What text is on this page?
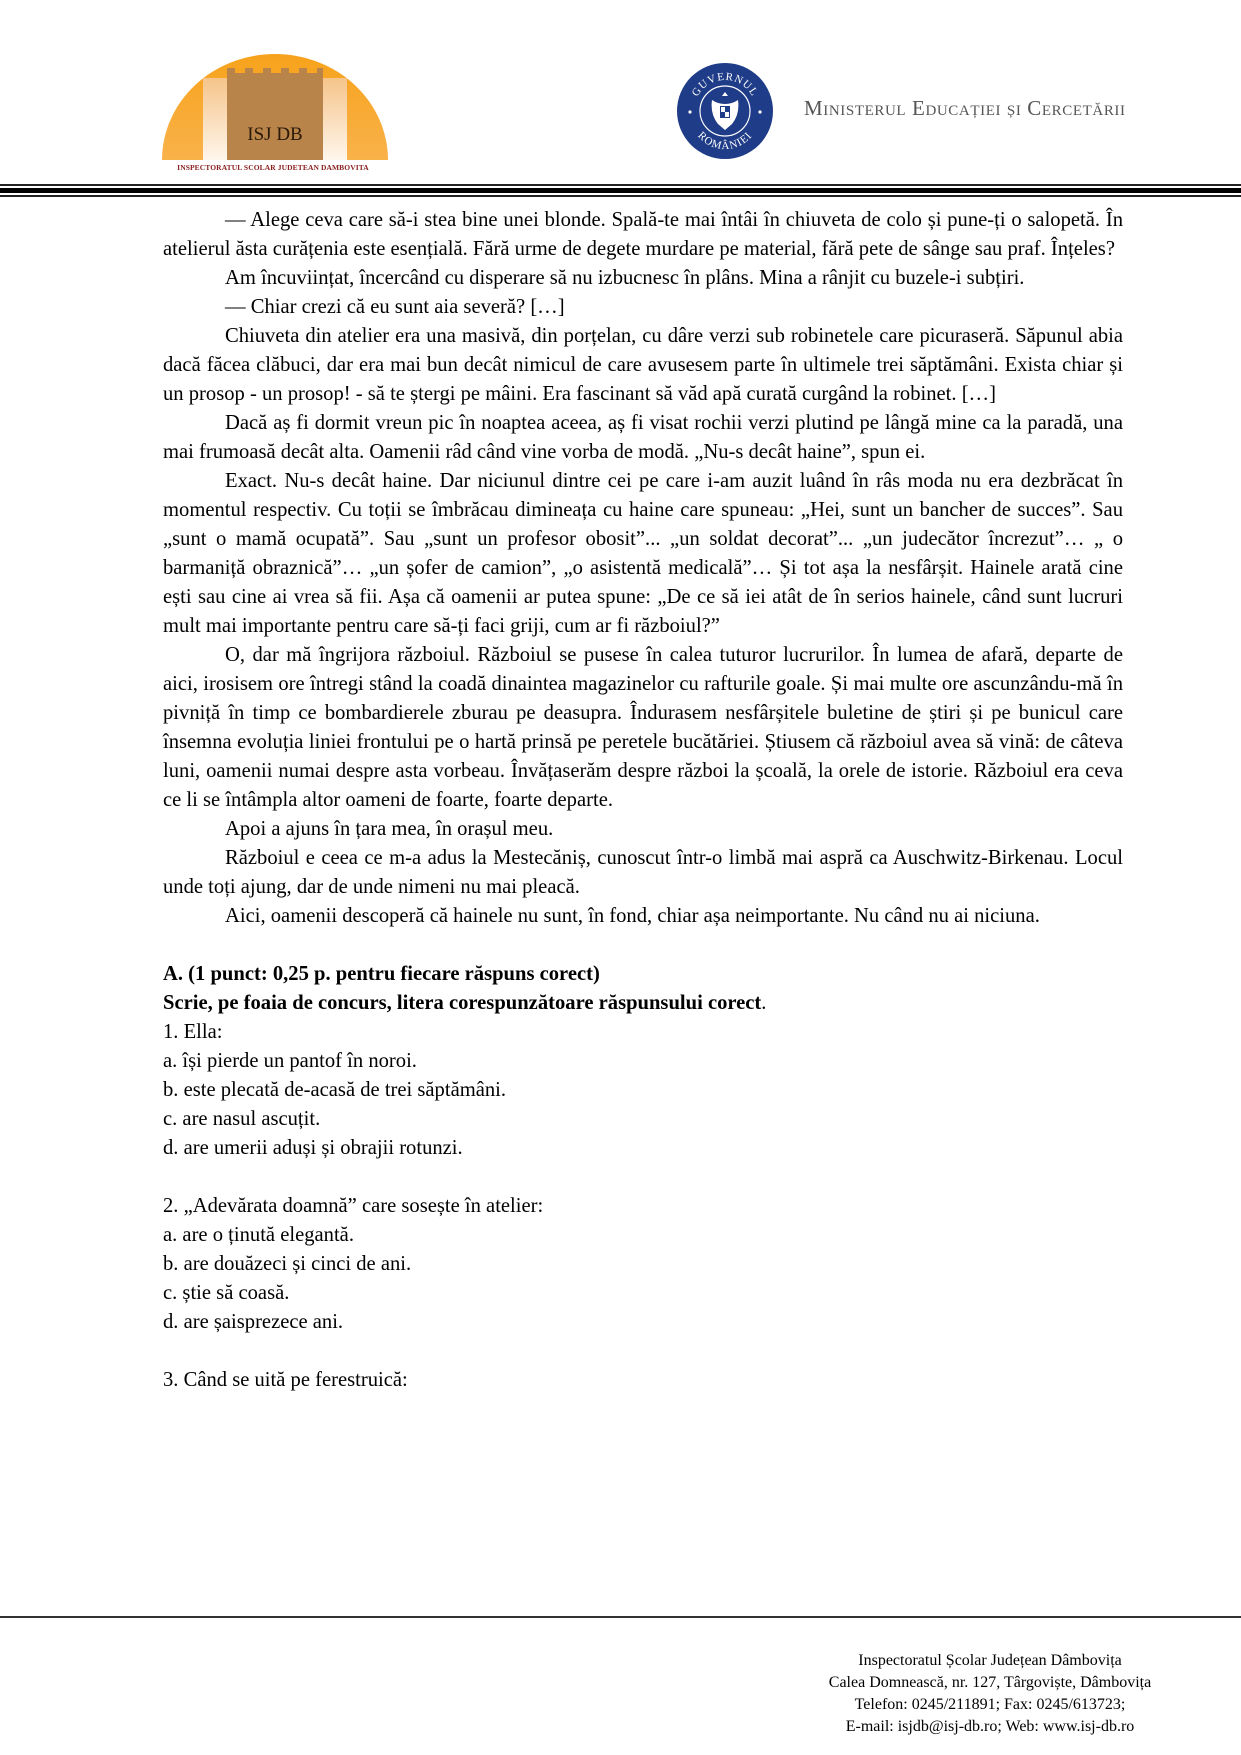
ISJ DB
INSPECTORATUL SCOLAR JUDETEAN DAMBOVITA
GUVERNUL
ROMÂNIEI
Ministerul Educației și Cercetării

— Alege ceva care să-i stea bine unei blonde. Spală-te mai întâi în chiuveta de colo și pune-ți o salopetă. În atelierul ăsta curățenia este esențială. Fără urme de degete murdare pe material, fără pete de sânge sau praf. Înțeles?

Am încuviințat, încercând cu disperare să nu izbucnesc în plâns. Mina a rânjit cu buzele-i subțiri.

— Chiar crezi că eu sunt aia severă? […]

Chiuveta din atelier era una masivă, din porțelan, cu dâre verzi sub robinetele care picuraseră. Săpunul abia dacă făcea clăbuci, dar era mai bun decât nimicul de care avusesem parte în ultimele trei săptămâni. Exista chiar și un prosop - un prosop! - să te ștergi pe mâini. Era fascinant să văd apă curată curgând la robinet. […]

Dacă aș fi dormit vreun pic în noaptea aceea, aș fi visat rochii verzi plutind pe lângă mine ca la paradă, una mai frumoasă decât alta. Oamenii râd când vine vorba de modă. „Nu-s decât haine”, spun ei.

Exact. Nu-s decât haine. Dar niciunul dintre cei pe care i-am auzit luând în râs moda nu era dezbrăcat în momentul respectiv. Cu toții se îmbrăcau dimineața cu haine care spuneau: „Hei, sunt un bancher de succes”. Sau „sunt o mamă ocupată”. Sau „sunt un profesor obosit”... „un soldat decorat”... „un judecător încrezut”… „ o barmaniță obraznică”… „un șofer de camion”, „o asistentă medicală”… Și tot așa la nesfârșit. Hainele arată cine ești sau cine ai vrea să fii. Așa că oamenii ar putea spune: „De ce să iei atât de în serios hainele, când sunt lucruri mult mai importante pentru care să-ți faci griji, cum ar fi războiul?”

O, dar mă îngrijora războiul. Războiul se pusese în calea tuturor lucrurilor. În lumea de afară, departe de aici, irosisem ore întregi stând la coadă dinaintea magazinelor cu rafturile goale. Și mai multe ore ascunzându-mă în pivniță în timp ce bombardierele zburau pe deasupra. Îndurasem nesfârșitele buletine de știri și pe bunicul care însemna evoluția liniei frontului pe o hartă prinsă pe peretele bucătăriei. Știusem că războiul avea să vină: de câteva luni, oamenii numai despre asta vorbeau. Învățaserăm despre război la școală, la orele de istorie. Războiul era ceva ce li se întâmpla altor oameni de foarte, foarte departe.

Apoi a ajuns în țara mea, în orașul meu.

Războiul e ceea ce m-a adus la Mestecăniș, cunoscut într-o limbă mai aspră ca Auschwitz-Birkenau. Locul unde toți ajung, dar de unde nimeni nu mai pleacă.

Aici, oamenii descoperă că hainele nu sunt, în fond, chiar așa neimportante. Nu când nu ai niciuna.

A. (1 punct: 0,25 p. pentru fiecare răspuns corect)

Scrie, pe foaia de concurs, litera corespunzătoare răspunsului corect.

1. Ella:

a. își pierde un pantof în noroi.

b. este plecată de-acasă de trei săptămâni.

c. are nasul ascuțit.

d. are umerii aduși și obrajii rotunzi.

2. „Adevărata doamnă” care sosește în atelier:

a. are o ținută elegantă.

b. are douăzeci și cinci de ani.

c. știe să coasă.

d. are șaisprezece ani.

3. Când se uită pe ferestruică:

Inspectoratul Școlar Județean Dâmbovița
Calea Domnească, nr. 127, Târgoviște, Dâmbovița
Telefon: 0245/211891; Fax: 0245/613723;
E-mail: isjdb@isj-db.ro; Web: www.isj-db.ro
